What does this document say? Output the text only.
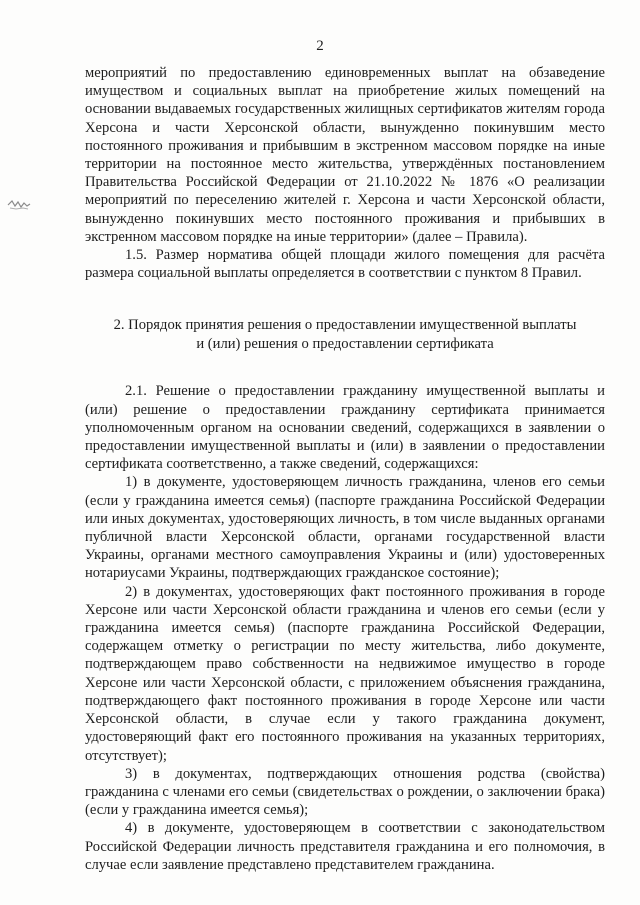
2

мероприятий по предоставлению единовременных выплат на обзаведение имуществом и социальных выплат на приобретение жилых помещений на основании выдаваемых государственных жилищных сертификатов жителям города Херсона и части Херсонской области, вынужденно покинувшим место постоянного проживания и прибывшим в экстренном массовом порядке на иные территории на постоянное место жительства, утверждённых постановлением Правительства Российской Федерации от 21.10.2022 № 1876 «О реализации мероприятий по переселению жителей г. Херсона и части Херсонской области, вынужденно покинувших место постоянного проживания и прибывших в экстренном массовом порядке на иные территории» (далее – Правила).

1.5. Размер норматива общей площади жилого помещения для расчёта размера социальной выплаты определяется в соответствии с пунктом 8 Правил.

2. Порядок принятия решения о предоставлении имущественной выплаты
и (или) решения о предоставлении сертификата

2.1. Решение о предоставлении гражданину имущественной выплаты и (или) решение о предоставлении гражданину сертификата принимается уполномоченным органом на основании сведений, содержащихся в заявлении о предоставлении имущественной выплаты и (или) в заявлении о предоставлении сертификата соответственно, а также сведений, содержащихся:

1) в документе, удостоверяющем личность гражданина, членов его семьи (если у гражданина имеется семья) (паспорте гражданина Российской Федерации или иных документах, удостоверяющих личность, в том числе выданных органами публичной власти Херсонской области, органами государственной власти Украины, органами местного самоуправления Украины и (или) удостоверенных нотариусами Украины, подтверждающих гражданское состояние);

2) в документах, удостоверяющих факт постоянного проживания в городе Херсоне или части Херсонской области гражданина и членов его семьи (если у гражданина имеется семья) (паспорте гражданина Российской Федерации, содержащем отметку о регистрации по месту жительства, либо документе, подтверждающем право собственности на недвижимое имущество в городе Херсоне или части Херсонской области, с приложением объяснения гражданина, подтверждающего факт постоянного проживания в городе Херсоне или части Херсонской области, в случае если у такого гражданина документ, удостоверяющий факт его постоянного проживания на указанных территориях, отсутствует);

3) в документах, подтверждающих отношения родства (свойства) гражданина с членами его семьи (свидетельствах о рождении, о заключении брака) (если у гражданина имеется семья);

4) в документе, удостоверяющем в соответствии с законодательством Российской Федерации личность представителя гражданина и его полномочия, в случае если заявление представлено представителем гражданина.
